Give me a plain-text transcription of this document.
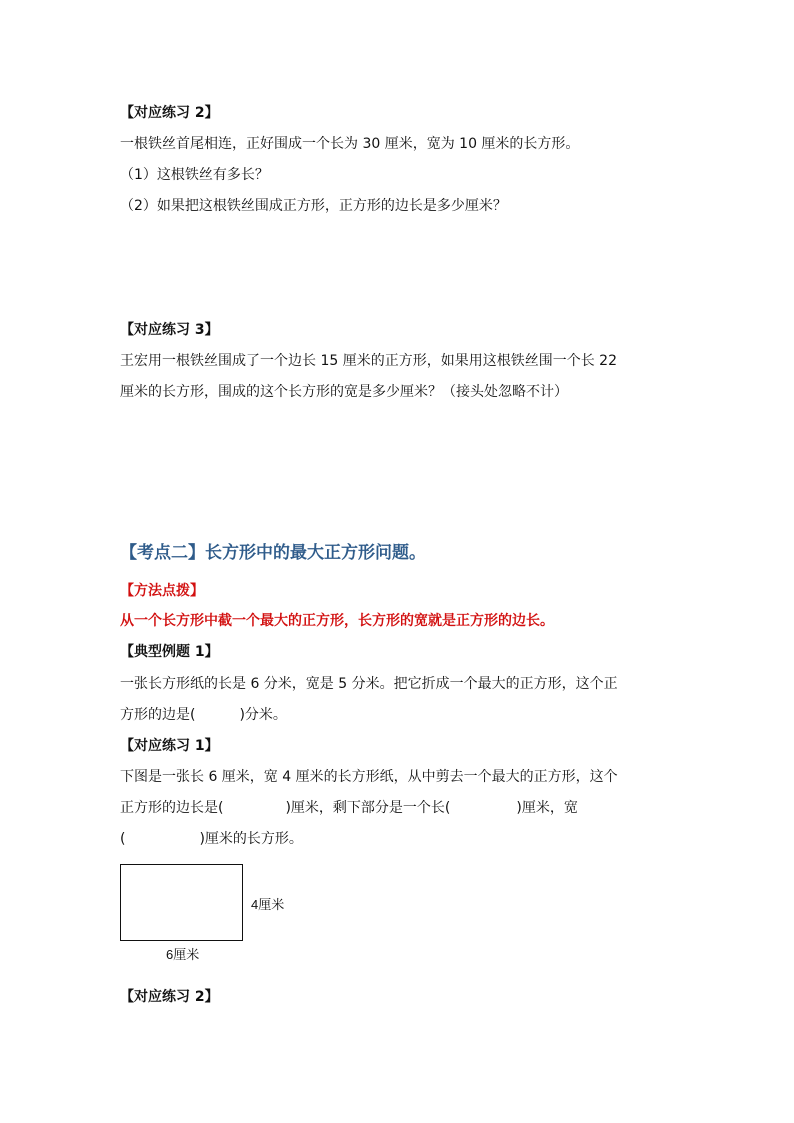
【对应练习 2】
一根铁丝首尾相连，正好围成一个长为 30 厘米，宽为 10 厘米的长方形。
（1）这根铁丝有多长？
（2）如果把这根铁丝围成正方形，正方形的边长是多少厘米？
【对应练习 3】
王宏用一根铁丝围成了一个边长 15 厘米的正方形，如果用这根铁丝围一个长 22
厘米的长方形，围成的这个长方形的宽是多少厘米？（接头处忽略不计）
【考点二】长方形中的最大正方形问题。
【方法点拨】
从一个长方形中截一个最大的正方形，长方形的宽就是正方形的边长。
【典型例题 1】
一张长方形纸的长是 6 分米，宽是 5 分米。把它折成一个最大的正方形，这个正
方形的边是(	)分米。
【对应练习 1】
下图是一张长 6 厘米，宽 4 厘米的长方形纸，从中剪去一个最大的正方形，这个
正方形的边长是(	)厘米，剩下部分是一个长(	)厘米，宽
(	)厘米的长方形。
4厘米
6厘米
【对应练习 2】
